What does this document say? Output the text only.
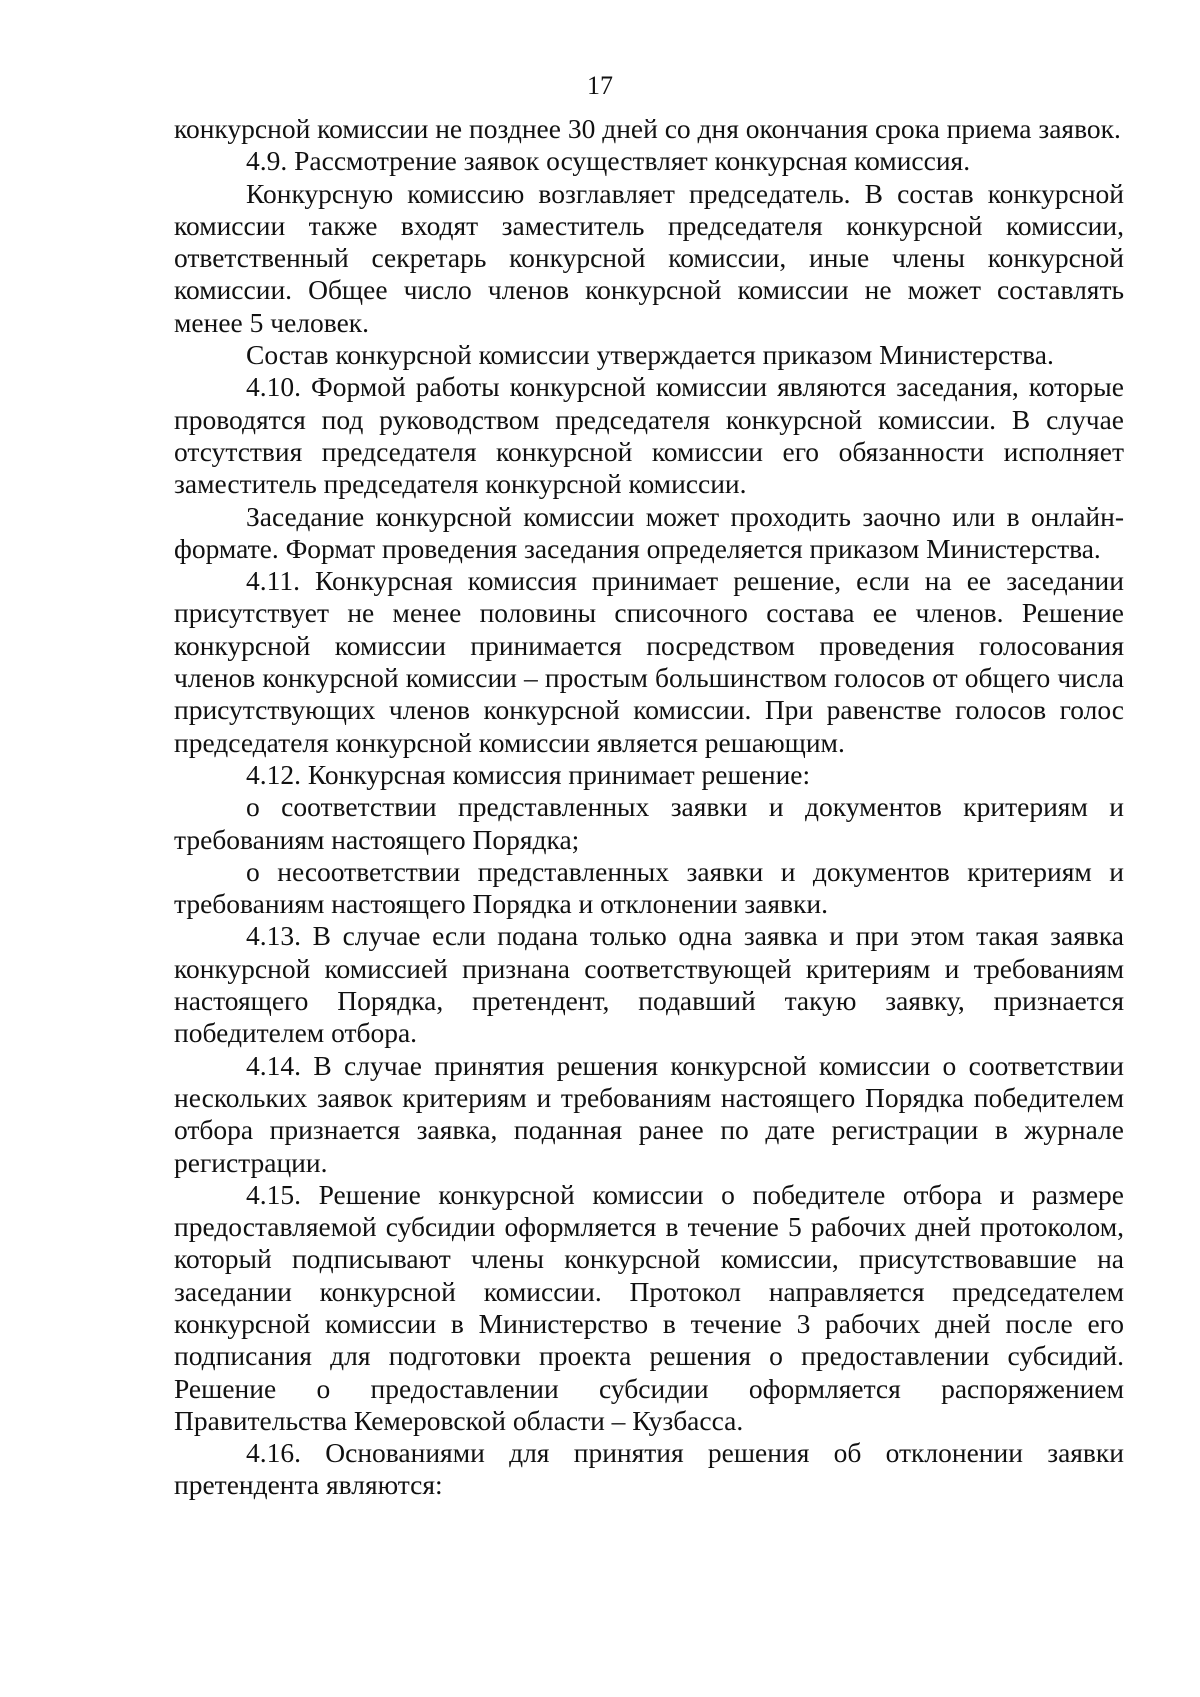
17

конкурсной комиссии не позднее 30 дней со дня окончания срока приема заявок.

4.9. Рассмотрение заявок осуществляет конкурсная комиссия.

Конкурсную комиссию возглавляет председатель. В состав конкурсной комиссии также входят заместитель председателя конкурсной комиссии, ответственный секретарь конкурсной комиссии, иные члены конкурсной комиссии. Общее число членов конкурсной комиссии не может составлять менее 5 человек.

Состав конкурсной комиссии утверждается приказом Министерства.

4.10. Формой работы конкурсной комиссии являются заседания, которые проводятся под руководством председателя конкурсной комиссии. В случае отсутствия председателя конкурсной комиссии его обязанности исполняет заместитель председателя конкурсной комиссии.

Заседание конкурсной комиссии может проходить заочно или в онлайн-формате. Формат проведения заседания определяется приказом Министерства.

4.11. Конкурсная комиссия принимает решение, если на ее заседании присутствует не менее половины списочного состава ее членов. Решение конкурсной комиссии принимается посредством проведения голосования членов конкурсной комиссии – простым большинством голосов от общего числа присутствующих членов конкурсной комиссии. При равенстве голосов голос председателя конкурсной комиссии является решающим.

4.12. Конкурсная комиссия принимает решение:

о соответствии представленных заявки и документов критериям и требованиям настоящего Порядка;

о несоответствии представленных заявки и документов критериям и требованиям настоящего Порядка и отклонении заявки.

4.13. В случае если подана только одна заявка и при этом такая заявка конкурсной комиссией признана соответствующей критериям и требованиям настоящего Порядка, претендент, подавший такую заявку, признается победителем отбора.

4.14. В случае принятия решения конкурсной комиссии о соответствии нескольких заявок критериям и требованиям настоящего Порядка победителем отбора признается заявка, поданная ранее по дате регистрации в журнале регистрации.

4.15. Решение конкурсной комиссии о победителе отбора и размере предоставляемой субсидии оформляется в течение 5 рабочих дней протоколом, который подписывают члены конкурсной комиссии, присутствовавшие на заседании конкурсной комиссии. Протокол направляется председателем конкурсной комиссии в Министерство в течение 3 рабочих дней после его подписания для подготовки проекта решения о предоставлении субсидий. Решение о предоставлении субсидии оформляется распоряжением Правительства Кемеровской области – Кузбасса.

4.16. Основаниями для принятия решения об отклонении заявки претендента являются:
